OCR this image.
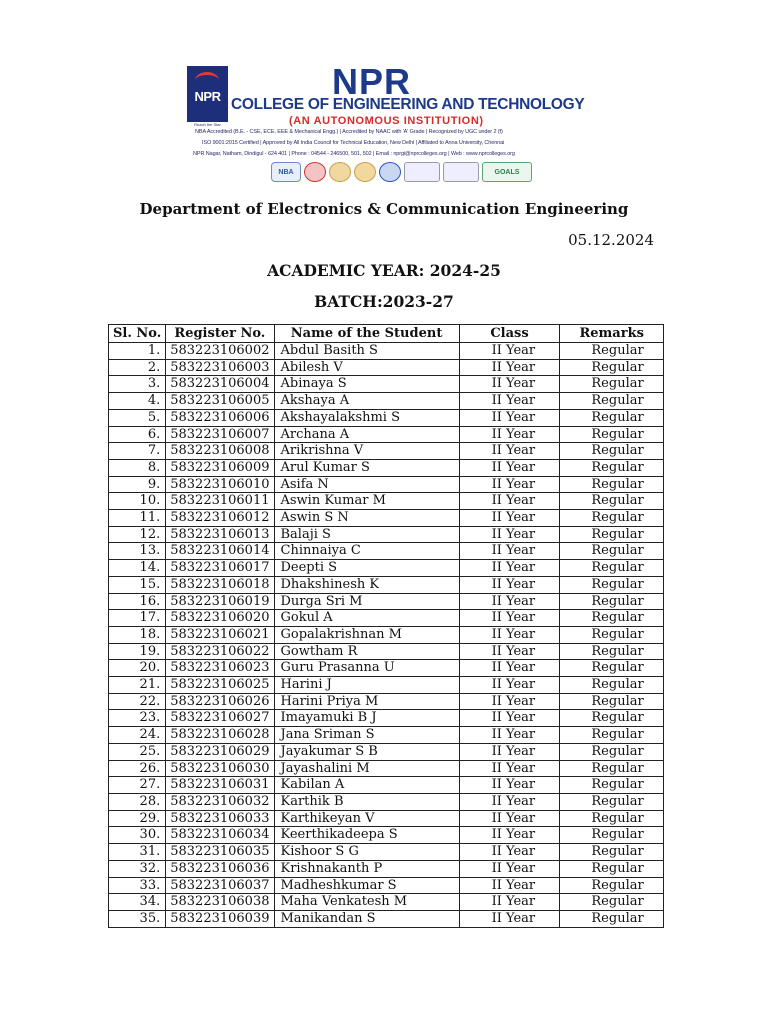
NPR
Reach the Star
NPR
COLLEGE OF ENGINEERING AND TECHNOLOGY
(AN AUTONOMOUS INSTITUTION)
NBA Accredited (B.E. - CSE, ECE, EEE & Mechanical Engg.) | Accredited by NAAC with 'A' Grade | Recognized by UGC under 2 (f)
ISO 9001:2015 Certified | Approved by All India Council for Technical Education, New Delhi | Affiliated to Anna University, Chennai
NPR Nagar, Natham, Dindigul - 624 401 | Phone : 04544 - 246500, 501, 502 | Email : nprgi@nprcolleges.org | Web : www.nprcolleges.org
NBA	GOALS
Department of Electronics & Communication Engineering
05.12.2024
ACADEMIC YEAR: 2024-25
BATCH:2023-27
Sl. No.	Register No.	Name of the Student	Class	Remarks
1.	583223106002	Abdul Basith S	II Year	Regular
2.	583223106003	Abilesh V	II Year	Regular
3.	583223106004	Abinaya S	II Year	Regular
4.	583223106005	Akshaya A	II Year	Regular
5.	583223106006	Akshayalakshmi S	II Year	Regular
6.	583223106007	Archana A	II Year	Regular
7.	583223106008	Arikrishna V	II Year	Regular
8.	583223106009	Arul Kumar S	II Year	Regular
9.	583223106010	Asifa N	II Year	Regular
10.	583223106011	Aswin Kumar M	II Year	Regular
11.	583223106012	Aswin S N	II Year	Regular
12.	583223106013	Balaji S	II Year	Regular
13.	583223106014	Chinnaiya C	II Year	Regular
14.	583223106017	Deepti S	II Year	Regular
15.	583223106018	Dhakshinesh K	II Year	Regular
16.	583223106019	Durga Sri M	II Year	Regular
17.	583223106020	Gokul A	II Year	Regular
18.	583223106021	Gopalakrishnan M	II Year	Regular
19.	583223106022	Gowtham R	II Year	Regular
20.	583223106023	Guru Prasanna U	II Year	Regular
21.	583223106025	Harini J	II Year	Regular
22.	583223106026	Harini Priya M	II Year	Regular
23.	583223106027	Imayamuki B J	II Year	Regular
24.	583223106028	Jana Sriman S	II Year	Regular
25.	583223106029	Jayakumar S B	II Year	Regular
26.	583223106030	Jayashalini M	II Year	Regular
27.	583223106031	Kabilan A	II Year	Regular
28.	583223106032	Karthik B	II Year	Regular
29.	583223106033	Karthikeyan V	II Year	Regular
30.	583223106034	Keerthikadeepa S	II Year	Regular
31.	583223106035	Kishoor S G	II Year	Regular
32.	583223106036	Krishnakanth P	II Year	Regular
33.	583223106037	Madheshkumar S	II Year	Regular
34.	583223106038	Maha Venkatesh M	II Year	Regular
35.	583223106039	Manikandan S	II Year	Regular
